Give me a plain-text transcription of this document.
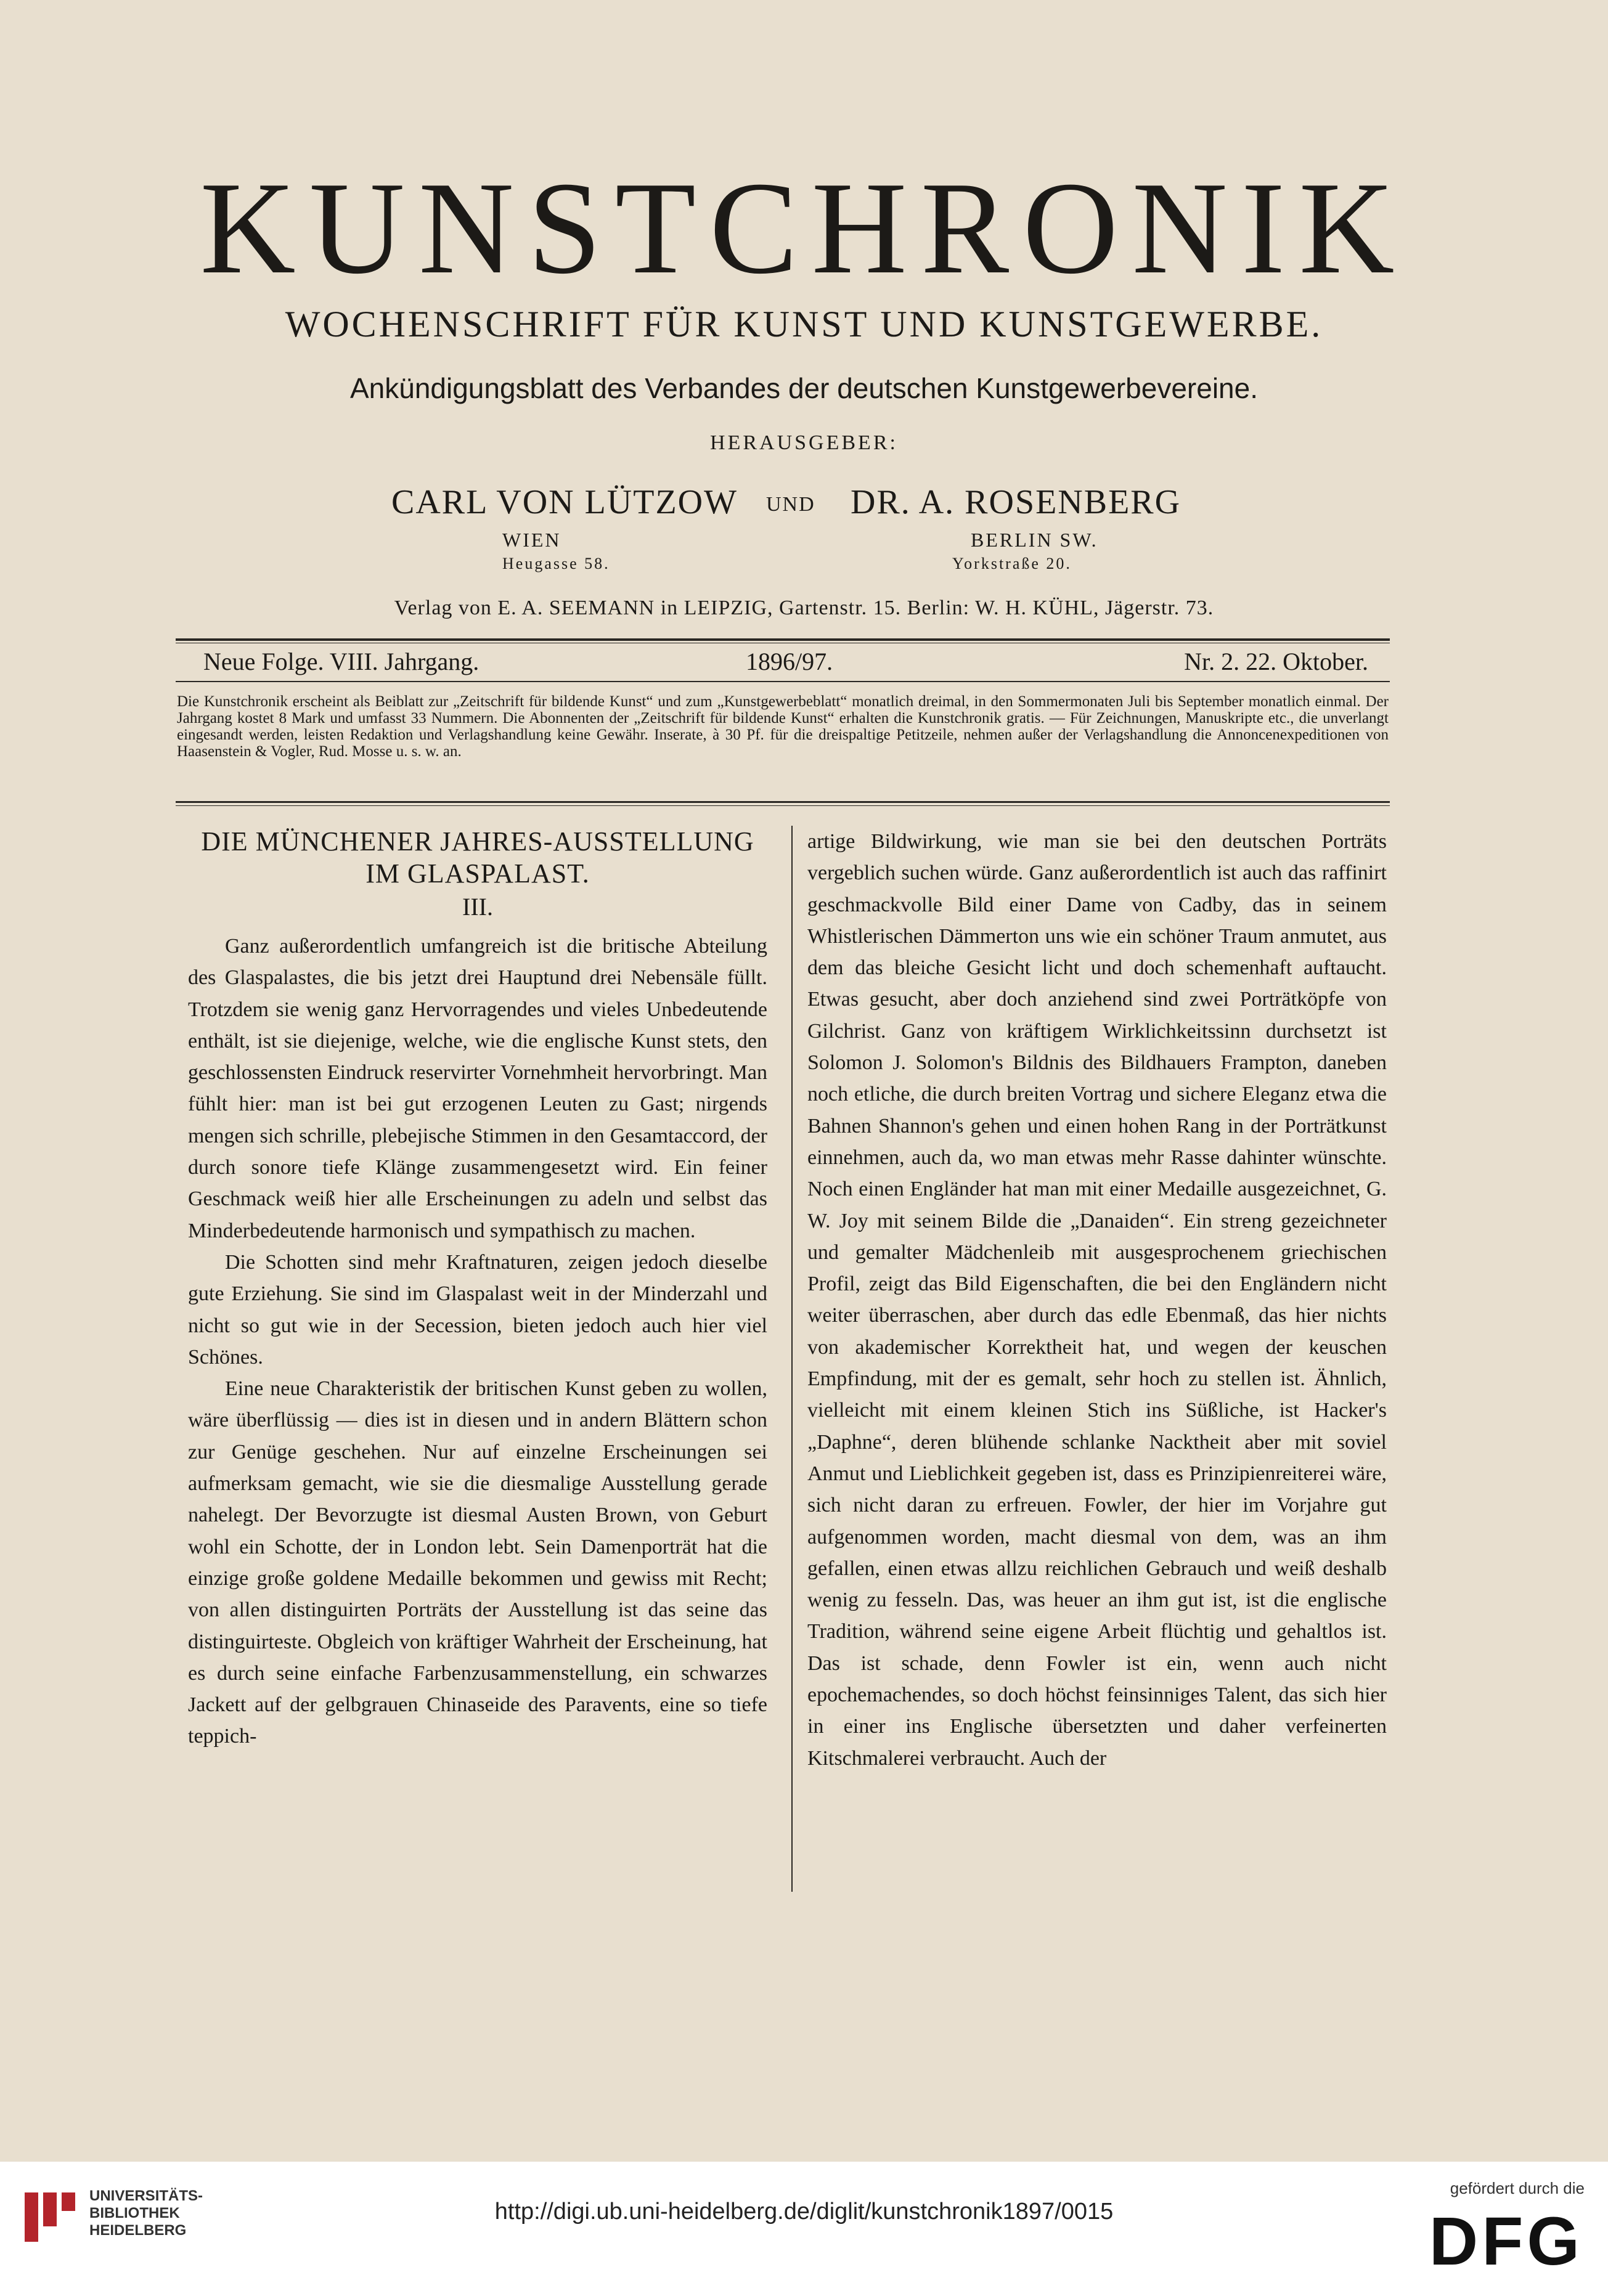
KUNSTCHRONIK
WOCHENSCHRIFT FÜR KUNST UND KUNSTGEWERBE.
Ankündigungsblatt des Verbandes der deutschen Kunstgewerbevereine.
HERAUSGEBER:
CARL VON LÜTZOW UND DR. A. ROSENBERG
WIEN
Heugasse 58.
BERLIN SW.
Yorkstraße 20.
Verlag von E. A. SEEMANN in LEIPZIG, Gartenstr. 15. Berlin: W. H. KÜHL, Jägerstr. 73.
Neue Folge. VIII. Jahrgang.	1896/97.	Nr. 2. 22. Oktober.

Die Kunstchronik erscheint als Beiblatt zur „Zeitschrift für bildende Kunst“ und zum „Kunstgewerbeblatt“ monatlich dreimal, in den Sommermonaten Juli bis September monatlich einmal. Der Jahrgang kostet 8 Mark und umfasst 33 Nummern. Die Abonnenten der „Zeitschrift für bildende Kunst“ erhalten die Kunstchronik gratis. — Für Zeichnungen, Manuskripte etc., die unverlangt eingesandt werden, leisten Redaktion und Verlagshandlung keine Gewähr. Inserate, à 30 Pf. für die dreispaltige Petitzeile, nehmen außer der Verlagshandlung die Annoncenexpeditionen von Haasenstein & Vogler, Rud. Mosse u. s. w. an.

DIE MÜNCHENER JAHRES-AUSSTELLUNG IM GLASPALAST.
III.

Ganz außerordentlich umfangreich ist die britische Abteilung des Glaspalastes, die bis jetzt drei Hauptund drei Nebensäle füllt. Trotzdem sie wenig ganz Hervorragendes und vieles Unbedeutende enthält, ist sie diejenige, welche, wie die englische Kunst stets, den geschlossensten Eindruck reservirter Vornehmheit hervorbringt. Man fühlt hier: man ist bei gut erzogenen Leuten zu Gast; nirgends mengen sich schrille, plebejische Stimmen in den Gesamtaccord, der durch sonore tiefe Klänge zusammengesetzt wird. Ein feiner Geschmack weiß hier alle Erscheinungen zu adeln und selbst das Minderbedeutende harmonisch und sympathisch zu machen.

Die Schotten sind mehr Kraftnaturen, zeigen jedoch dieselbe gute Erziehung. Sie sind im Glaspalast weit in der Minderzahl und nicht so gut wie in der Secession, bieten jedoch auch hier viel Schönes.

Eine neue Charakteristik der britischen Kunst geben zu wollen, wäre überflüssig — dies ist in diesen und in andern Blättern schon zur Genüge geschehen. Nur auf einzelne Erscheinungen sei aufmerksam gemacht, wie sie die diesmalige Ausstellung gerade nahelegt. Der Bevorzugte ist diesmal Austen Brown, von Geburt wohl ein Schotte, der in London lebt. Sein Damenporträt hat die einzige große goldene Medaille bekommen und gewiss mit Recht; von allen distinguirten Porträts der Ausstellung ist das seine das distinguirteste. Obgleich von kräftiger Wahrheit der Erscheinung, hat es durch seine einfache Farbenzusammenstellung, ein schwarzes Jackett auf der gelbgrauen Chinaseide des Paravents, eine so tiefe teppich-

artige Bildwirkung, wie man sie bei den deutschen Porträts vergeblich suchen würde. Ganz außerordentlich ist auch das raffinirt geschmackvolle Bild einer Dame von Cadby, das in seinem Whistlerischen Dämmerton uns wie ein schöner Traum anmutet, aus dem das bleiche Gesicht licht und doch schemenhaft auftaucht. Etwas gesucht, aber doch anziehend sind zwei Porträtköpfe von Gilchrist. Ganz von kräftigem Wirklichkeitssinn durchsetzt ist Solomon J. Solomon's Bildnis des Bildhauers Frampton, daneben noch etliche, die durch breiten Vortrag und sichere Eleganz etwa die Bahnen Shannon's gehen und einen hohen Rang in der Porträtkunst einnehmen, auch da, wo man etwas mehr Rasse dahinter wünschte. Noch einen Engländer hat man mit einer Medaille ausgezeichnet, G. W. Joy mit seinem Bilde die „Danaiden“. Ein streng gezeichneter und gemalter Mädchenleib mit ausgesprochenem griechischen Profil, zeigt das Bild Eigenschaften, die bei den Engländern nicht weiter überraschen, aber durch das edle Ebenmaß, das hier nichts von akademischer Korrektheit hat, und wegen der keuschen Empfindung, mit der es gemalt, sehr hoch zu stellen ist. Ähnlich, vielleicht mit einem kleinen Stich ins Süßliche, ist Hacker's „Daphne“, deren blühende schlanke Nacktheit aber mit soviel Anmut und Lieblichkeit gegeben ist, dass es Prinzipienreiterei wäre, sich nicht daran zu erfreuen. Fowler, der hier im Vorjahre gut aufgenommen worden, macht diesmal von dem, was an ihm gefallen, einen etwas allzu reichlichen Gebrauch und weiß deshalb wenig zu fesseln. Das, was heuer an ihm gut ist, ist die englische Tradition, während seine eigene Arbeit flüchtig und gehaltlos ist. Das ist schade, denn Fowler ist ein, wenn auch nicht epochemachendes, so doch höchst feinsinniges Talent, das sich hier in einer ins Englische übersetzten und daher verfeinerten Kitschmalerei verbraucht. Auch der

UNIVERSITÄTS-
BIBLIOTHEK
HEIDELBERG
http://digi.ub.uni-heidelberg.de/diglit/kunstchronik1897/0015
gefördert durch die
DFG
